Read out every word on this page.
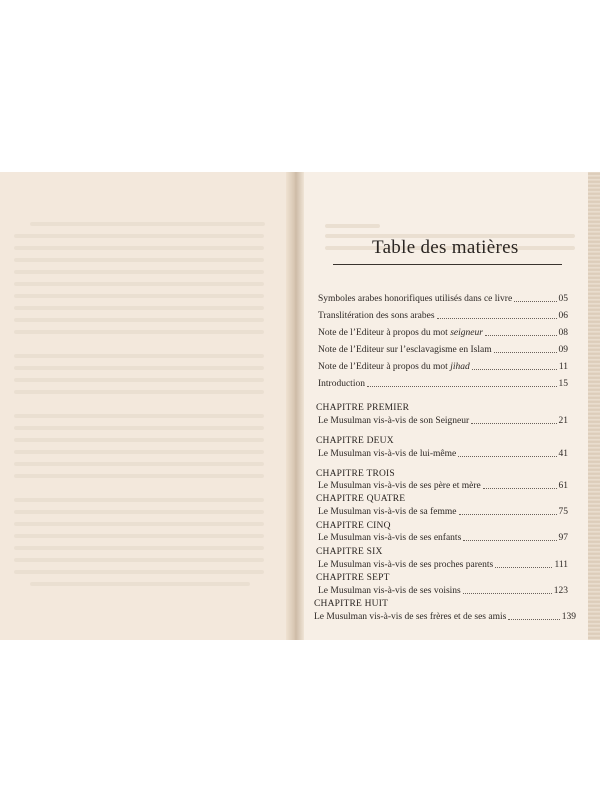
Table des matières
Symboles arabes honorifiques utilisés dans ce livre	05
Translitération des sons arabes	06
Note de l’Editeur à propos du mot seigneur	08
Note de l’Editeur sur l’esclavagisme en Islam	09
Note de l’Editeur à propos du mot jihad	11
Introduction	15
CHAPITRE PREMIER
Le Musulman vis-à-vis de son Seigneur	21
CHAPITRE DEUX
Le Musulman vis-à-vis de lui-même	41
CHAPITRE TROIS
Le Musulman vis-à-vis de ses père et mère	61
CHAPITRE QUATRE
Le Musulman vis-à-vis de sa femme	75
CHAPITRE CINQ
Le Musulman vis-à-vis de ses enfants	97
CHAPITRE SIX
Le Musulman vis-à-vis de ses proches parents	111
CHAPITRE SEPT
Le Musulman vis-à-vis de ses voisins	123
CHAPITRE HUIT
Le Musulman vis-à-vis de ses frères et de ses amis	139
